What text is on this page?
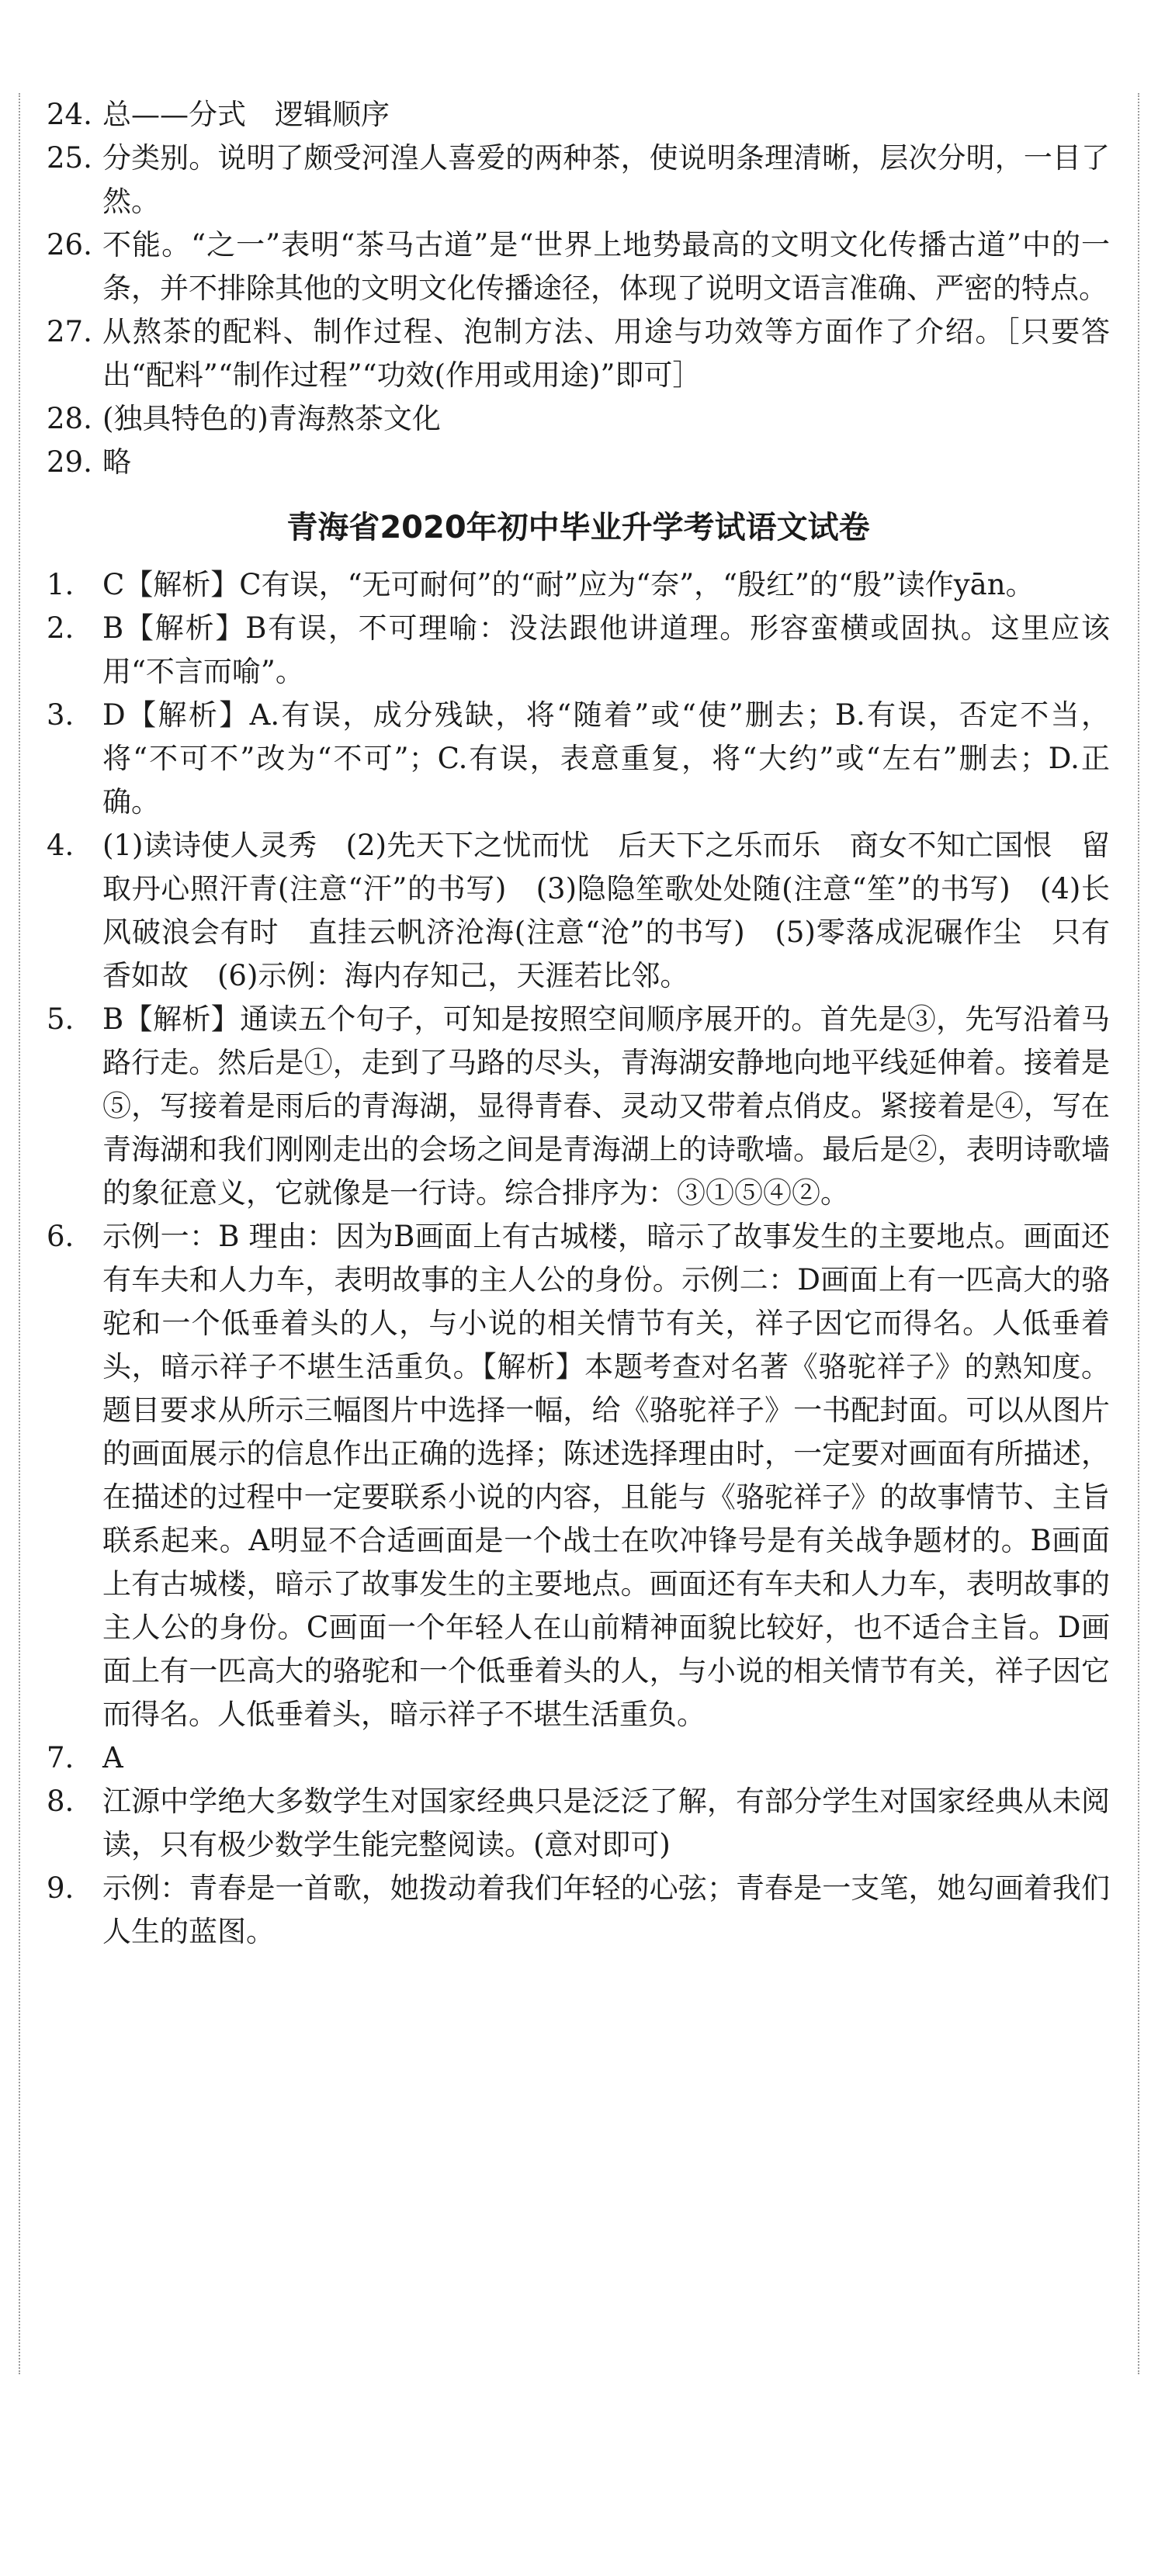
24. 总——分式　逻辑顺序
25. 分类别。说明了颇受河湟人喜爱的两种茶，使说明条理清晰，层次分明，一目了然。
26. 不能。“之一”表明“茶马古道”是“世界上地势最高的文明文化传播古道”中的一条，并不排除其他的文明文化传播途径，体现了说明文语言准确、严密的特点。
27. 从熬茶的配料、制作过程、泡制方法、用途与功效等方面作了介绍。［只要答出“配料”“制作过程”“功效(作用或用途)”即可］
28. (独具特色的)青海熬茶文化
29. 略
青海省2020年初中毕业升学考试语文试卷
1. C【解析】C有误，“无可耐何”的“耐”应为“奈”，“殷红”的“殷”读作yān。
2. B【解析】B有误，不可理喻：没法跟他讲道理。形容蛮横或固执。这里应该用“不言而喻”。
3. D【解析】A.有误，成分残缺，将“随着”或“使”删去；B.有误，否定不当，将“不可不”改为“不可”；C.有误，表意重复，将“大约”或“左右”删去；D.正确。
4. (1)读诗使人灵秀　(2)先天下之忧而忧　后天下之乐而乐　商女不知亡国恨　留取丹心照汗青(注意“汗”的书写)　(3)隐隐笙歌处处随(注意“笙”的书写)　(4)长风破浪会有时　直挂云帆济沧海(注意“沧”的书写)　(5)零落成泥碾作尘　只有香如故　(6)示例：海内存知己，天涯若比邻。
5. B【解析】通读五个句子，可知是按照空间顺序展开的。首先是③，先写沿着马路行走。然后是①，走到了马路的尽头，青海湖安静地向地平线延伸着。接着是⑤，写接着是雨后的青海湖，显得青春、灵动又带着点俏皮。紧接着是④，写在青海湖和我们刚刚走出的会场之间是青海湖上的诗歌墙。最后是②，表明诗歌墙的象征意义，它就像是一行诗。综合排序为：③①⑤④②。
6. 示例一：B 理由：因为B画面上有古城楼，暗示了故事发生的主要地点。画面还有车夫和人力车，表明故事的主人公的身份。示例二：D画面上有一匹高大的骆驼和一个低垂着头的人，与小说的相关情节有关，祥子因它而得名。人低垂着头，暗示祥子不堪生活重负。【解析】本题考查对名著《骆驼祥子》的熟知度。题目要求从所示三幅图片中选择一幅，给《骆驼祥子》一书配封面。可以从图片的画面展示的信息作出正确的选择；陈述选择理由时，一定要对画面有所描述，在描述的过程中一定要联系小说的内容，且能与《骆驼祥子》的故事情节、主旨联系起来。A明显不合适画面是一个战士在吹冲锋号是有关战争题材的。B画面上有古城楼，暗示了故事发生的主要地点。画面还有车夫和人力车，表明故事的主人公的身份。C画面一个年轻人在山前精神面貌比较好，也不适合主旨。D画面上有一匹高大的骆驼和一个低垂着头的人，与小说的相关情节有关，祥子因它而得名。人低垂着头，暗示祥子不堪生活重负。
7. A
8. 江源中学绝大多数学生对国家经典只是泛泛了解，有部分学生对国家经典从未阅读，只有极少数学生能完整阅读。(意对即可)
9. 示例：青春是一首歌，她拨动着我们年轻的心弦；青春是一支笔，她勾画着我们人生的蓝图。
